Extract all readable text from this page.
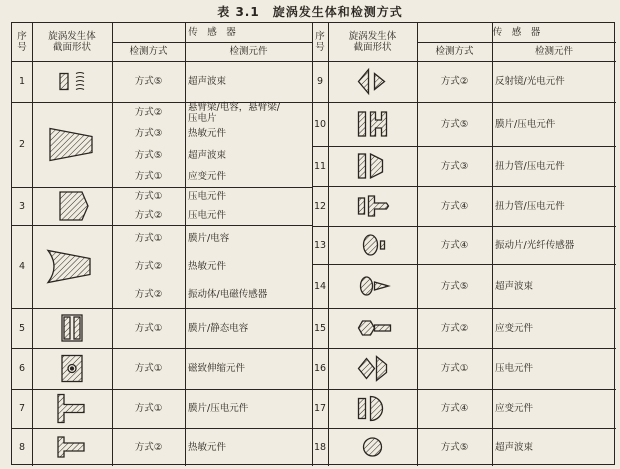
表 3.1　旋涡发生体和检测方式
序
号
旋涡发生体
截面形状
传　感　器
检测方式	检测元件
序
号
旋涡发生体
截面形状
传　感　器
检测方式	检测元件
1	方式⑤	超声波束
2
方式②	悬臂梁/电容，悬臂梁/
压电片
方式③	热敏元件
方式⑤	超声波束
方式①	应变元件
3
方式①	压电元件
方式②	压电元件
4
方式①	膜片/电容
方式②	热敏元件
方式②	振动体/电磁传感器
5	方式①	膜片/静态电容
6	方式①	磁致伸缩元件
7	方式①	膜片/压电元件
8	方式②	热敏元件
9	方式②	反射镜/光电元件
10	方式⑤	膜片/压电元件
11	方式③	扭力管/压电元件
12	方式④	扭力管/压电元件
13	方式④	振动片/光纤传感器
14	方式⑤	超声波束
15	方式②	应变元件
16	方式①	压电元件
17	方式④	应变元件
18	方式⑤	超声波束
